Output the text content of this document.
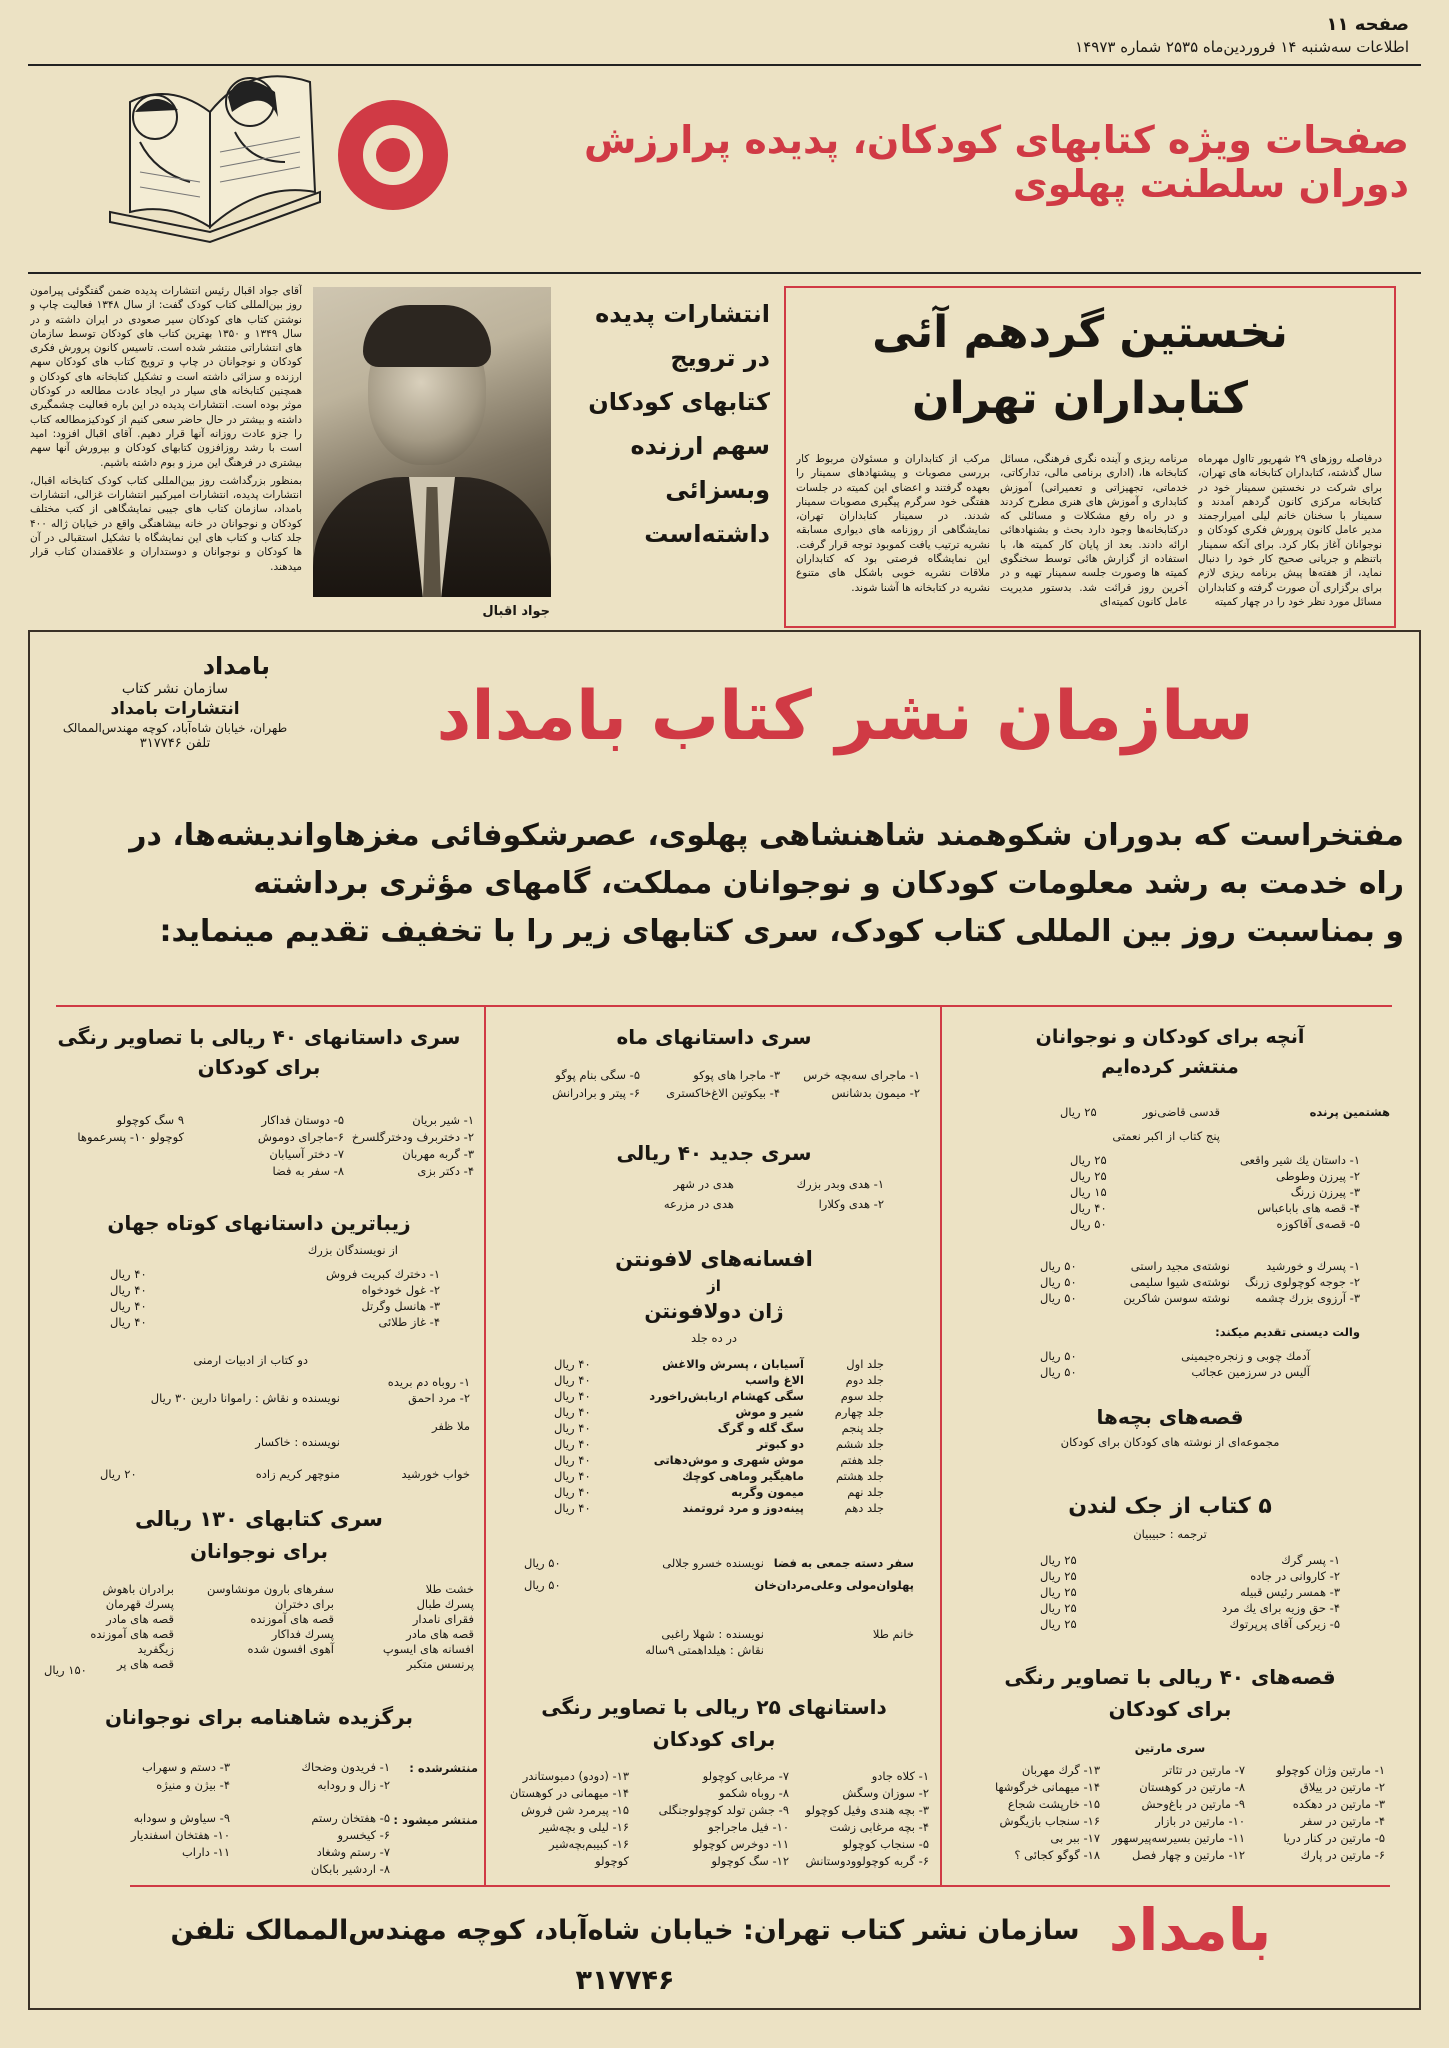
صفحه ۱۱
اطلاعات سه‌شنبه ۱۴ فروردین‌ماه ۲۵۳۵ شماره ۱۴۹۷۳
صفحات ویژه کتابهای کودکان، پدیده پرارزش دوران سلطنت پهلوی
آقای جواد اقبال رئیس انتشارات پدیده ضمن گفتگوئی پیرامون روز بین‌المللی کتاب کودک گفت: از سال ۱۳۴۸ فعالیت چاپ و نوشتن کتاب های کودکان سیر صعودی در ایران داشته و در سال ۱۳۴۹ و ۱۳۵۰ بهترین کتاب های کودکان توسط سازمان های انتشاراتی منتشر شده است. تاسیس کانون پرورش فکری کودکان و نوجوانان در چاپ و ترویج کتاب های کودکان سهم ارزنده و سزائی داشته است و تشکیل کتابخانه های کودکان و همچنین کتابخانه های سیار در ایجاد عادت مطالعه در کودکان موثر بوده است. انتشارات پدیده در این باره فعالیت چشمگیری داشته و بیشتر در حال حاضر سعی کنیم از کودکیزمطالعه کتاب را جزو عادت روزانه آنها قرار دهیم. آقای اقبال افزود: امید است با رشد روزافزون کتابهای کودکان و بپرورش آنها سهم بیشتری در فرهنگ این مرز و بوم داشته باشیم.
بمنظور بزرگداشت روز بین‌المللی کتاب کودک کتابخانه اقبال، انتشارات پدیده، انتشارات امیرکبیر انتشارات غزالی، انتشارات بامداد، سازمان کتاب های جیبی نمایشگاهی از کتب مختلف کودکان و نوجوانان در خانه بیشاهنگی واقع در خیابان ژاله ۴۰۰ جلد کتاب و کتاب های این نمایشگاه با تشکیل استقبالی در آن ها کودکان و نوجوانان و دوستداران و علاقمندان کتاب قرار میدهند.
جواد اقبال
انتشارات پدیده
در ترویج
کتابهای کودکان
سهم ارزنده
وبسزائی
داشته‌است
نخستین گردهم آئی
کتابداران تهران
درفاصله روزهای ۲۹ شهریور تااول مهرماه سال گذشته، کتابداران کتابخانه های تهران، برای شرکت در نخستین سمینار خود در کتابخانه مرکزی کانون گردهم آمدند و سمینار با سخنان خانم لیلی امیرارجمند مدیر عامل کانون پرورش فکری کودکان و نوجوانان آغاز بکار کرد. برای آنکه سمینار باتنظم و جریانی صحیح کار خود را دنبال نماید، از هفته‌ها پیش برنامه ریزی لازم برای برگزاری آن صورت گرفته و کتابداران مسائل مورد نظر خود را در چهار کمیته
مرنامه ریزی و آینده نگری فرهنگی، مسائل کتابخانه ها، (اداری برنامی مالی، تدارکاتی، خدماتی، تجهیزاتی و تعمیراتی) آموزش کتابداری و آموزش های هنری مطرح کردند و در راه رفع مشکلات و مسائلی که درکتابخانه‌ها وجود دارد بحث و بشنهادهائی ارائه دادند. بعد از پایان کار کمیته ها، با استفاده از گزارش هائی توسط سخنگوی کمیته ها وصورت جلسه سمینار تهیه و در آخرین روز قرائت شد. بدستور مدیریت عامل کانون کمیته‌ای
مرکب از کتابداران و مسئولان مربوط کار بررسی مصوبات و پیشنهادهای سمینار را بعهده گرفتند و اعضای این کمیته در جلسات هفتگی خود سرگرم پیگیری مصوبات سمینار شدند. در سمینار کتابداران تهران، نمایشگاهی از روزنامه های دیواری مسابقه نشریه ترتیب یافت کموبود توجه قرار گرفت. این نمایشگاه فرصتی بود که کتابداران ملاقات نشریه خوبی باشکل های متنوع نشریه در کتابخانه ها آشنا شوند.
بامداد
سازمان نشر کتاب
انتشارات بامداد
طهران، خیابان شاه‌آباد، کوچه مهندس‌الممالک
تلفن ۳۱۷۷۴۶	سازمان نشر کتاب بامداد
مفتخراست که بدوران شکوهمند شاهنشاهی پهلوی، عصرشکوفائی مغزهاواندیشه‌ها، در
راه خدمت به رشد معلومات کودکان و نوجوانان مملکت، گامهای مؤثری برداشته
و بمناسبت روز بین المللی کتاب کودک، سری کتابهای زیر را با تخفیف تقدیم مینماید:
آنچه برای کودکان و نوجوانان
منتشر کرده‌ایم
هشتمین پرنده
قدسی قاضی‌نور
۲۵ ریال
پنج کتاب از اکبر نعمتی
۱- داستان یك شیر واقعی
۲۵ ریال
۲- پیرزن وطوطی
۲۵ ریال
۳- پیرزن زرنگ
۱۵ ریال
۴- قصه های باباعباس
۴۰ ریال
۵- قصه‌ی آقاکوزه
۵۰ ریال
۱- پسرك و خورشید
نوشته‌ی مجید راستی
۵۰ ریال
۲- جوجه کوچولوی زرنگ
نوشته‌ی شیوا سلیمی
۵۰ ریال
۳- آرزوی بزرك چشمه
نوشته سوسن شاکرین
۵۰ ریال
والت دیسنی تقدیم میکند:
آدمك چوبی و زنجره‌جیمینی
۵۰ ریال
آلیس در سرزمین عجائب
۵۰ ریال
قصه‌های بچه‌ها
مجموعه‌ای از نوشته های کودکان برای کودکان
۵ کتاب از جک لندن
ترجمه : حبیبیان
۱- پسر گرك
۲۵ ریال
۲- کاروانی در جاده
۲۵ ریال
۳- همسر رئیس قبیله
۲۵ ریال
۴- حق وزیه برای یك مرد
۲۵ ریال
۵- زیرکی آقای پرپرتوك
۲۵ ریال
قصه‌های ۴۰ ریالی با تصاویر رنگی
برای کودکان
سری مارتین
۱- مارتین وژان کوچولو
۷- مارتین در تئاتر
۱۳- گرك مهربان
۲- مارتین در ییلاق
۸- مارتین در کوهستان
۱۴- میهمانی خرگوشها
۳- مارتین در دهکده
۹- مارتین در باغ‌وحش
۱۵- خارپشت شجاع
۴- مارتین در سفر
۱۰- مارتین در بازار
۱۶- سنجاب بازیگوش
۵- مارتین در کنار دریا
۱۱- مارتین بسیرسه‌پیرسهور
۱۷- ببر بی
۶- مارتین در پارك
۱۲- مارتین و چهار فصل
۱۸- گوگو کجائی ؟
سری داستانهای ماه
۱- ماجرای سه‌بچه خرس
۳- ماجرا های پوکو
۵- سگی بنام پوگو
۲- میمون بدشانس
۴- بیکوتین الاغ‌خاکستری
۶- پیتر و برادرانش
سری جدید ۴۰ ریالی
۱- هدی وبدر بزرك
هدی در شهر
۲- هدی وکلارا
هدی در مزرعه
افسانه‌های لافونتن
از
ژان دولافونتن
در ده جلد
جلد اول
آسیابان ، پسرش والاغش
۴۰ ریال
جلد دوم
الاغ واسب
۴۰ ریال
جلد سوم
سگی کهشام اربابش‌راخورد
۴۰ ریال
جلد چهارم
شیر و موش
۴۰ ریال
جلد پنجم
سگ گله و گرگ
۴۰ ریال
جلد ششم
دو کبوتر
۴۰ ریال
جلد هفتم
موش شهری و موش‌دهاتی
۴۰ ریال
جلد هشتم
ماهیگیر وماهی کوچك
۴۰ ریال
جلد نهم
میمون وگربه
۴۰ ریال
جلد دهم
پینه‌دوز و مرد ثروتمند
۴۰ ریال
سفر دسته جمعی به فضا
نویسنده خسرو جلالی
۵۰ ریال
پهلوان‌مولی وعلی‌مردان‌خان
۵۰ ریال
خانم طلا
نویسنده : شهلا راغبی
نقاش : هیلداهمتی ۹ساله
داستانهای ۲۵ ریالی با تصاویر رنگی
برای کودکان
۱- کلاه جادو
۷- مرغابی کوچولو
۱۳- (دودو) دمبوستاندر
۲- سوزان وسگش
۸- روباه شکمو
۱۴- میهمانی در کوهستان
۳- بچه هندی وفیل کوچولو
۹- جشن تولد کوچولوجنگلی
۱۵- پیرمرد شن فروش
۴- بچه مرغابی زشت
۱۰- فیل ماجراجو
۱۶- لیلی و بچه‌شیر
۵- سنجاب کوچولو
۱۱- دوخرس کوچولو
۱۶- کبیبم‌بچه‌شیر
۶- گربه کوچولوودوستانش
۱۲- سگ کوچولو
کوچولو
سری داستانهای ۴۰ ریالی با تصاویر رنگی
برای کودکان
۱- شیر بریان
۵- دوستان فداکار
۹ سگ کوچولو
۲- دختربرف ودخترگلسرخ
۶-ماجرای دوموش
کوچولو ۱۰- پسرعموها
۳- گربه مهربان
۷- دختر آسیابان
۴- دکتر بزی
۸- سفر به فضا
زیباترین داستانهای کوتاه جهان
از نویسندگان بزرك
۱- دخترك کبریت فروش
۴۰ ریال
۲- غول خودخواه
۴۰ ریال
۳- هانسل وگرتل
۴۰ ریال
۴- غاز طلائی
۴۰ ریال
دو کتاب از ادبیات ارمنی
۱- روباه دم بریده
۲- مرد احمق
نویسنده و نقاش : راموانا دارین ۳۰ ریال
ملا ظفر
نویسنده : خاکسار
خواب خورشید
منوچهر کریم زاده
۲۰ ریال
سری کتابهای ۱۳۰ ریالی
برای نوجوانان
خشت طلا
پسرك طبال
فقرای نامدار
قصه های مادر
افسانه های ایسوپ
پرنسس متکبر
سفرهای بارون مونشاوسن
برای دختران
قصه های آموزنده
پسرك فداکار
آهوی افسون شده
برادران باهوش
پسرك قهرمان
قصه های مادر
قصه های آموزنده
زیگفرید
قصه های پر
۱۵۰ ریال
برگزیده شاهنامه برای نوجوانان
منتشرشده :
۱- فریدون وضحاك
۳- دستم و سهراب
۲- زال و رودابه
۴- بیژن و منیژه
منتشر میشود :
۵- هفتخان رستم
۹- سیاوش و سودابه
۶- کیخسرو
۱۰- هفتخان اسفندیار
۷- رستم وشغاد
۱۱- داراب
۸- اردشیر بابکان
بامداد
سازمان نشر کتاب تهران: خیابان شاه‌آباد، کوچه مهندس‌الممالک تلفن ۳۱۷۷۴۶
